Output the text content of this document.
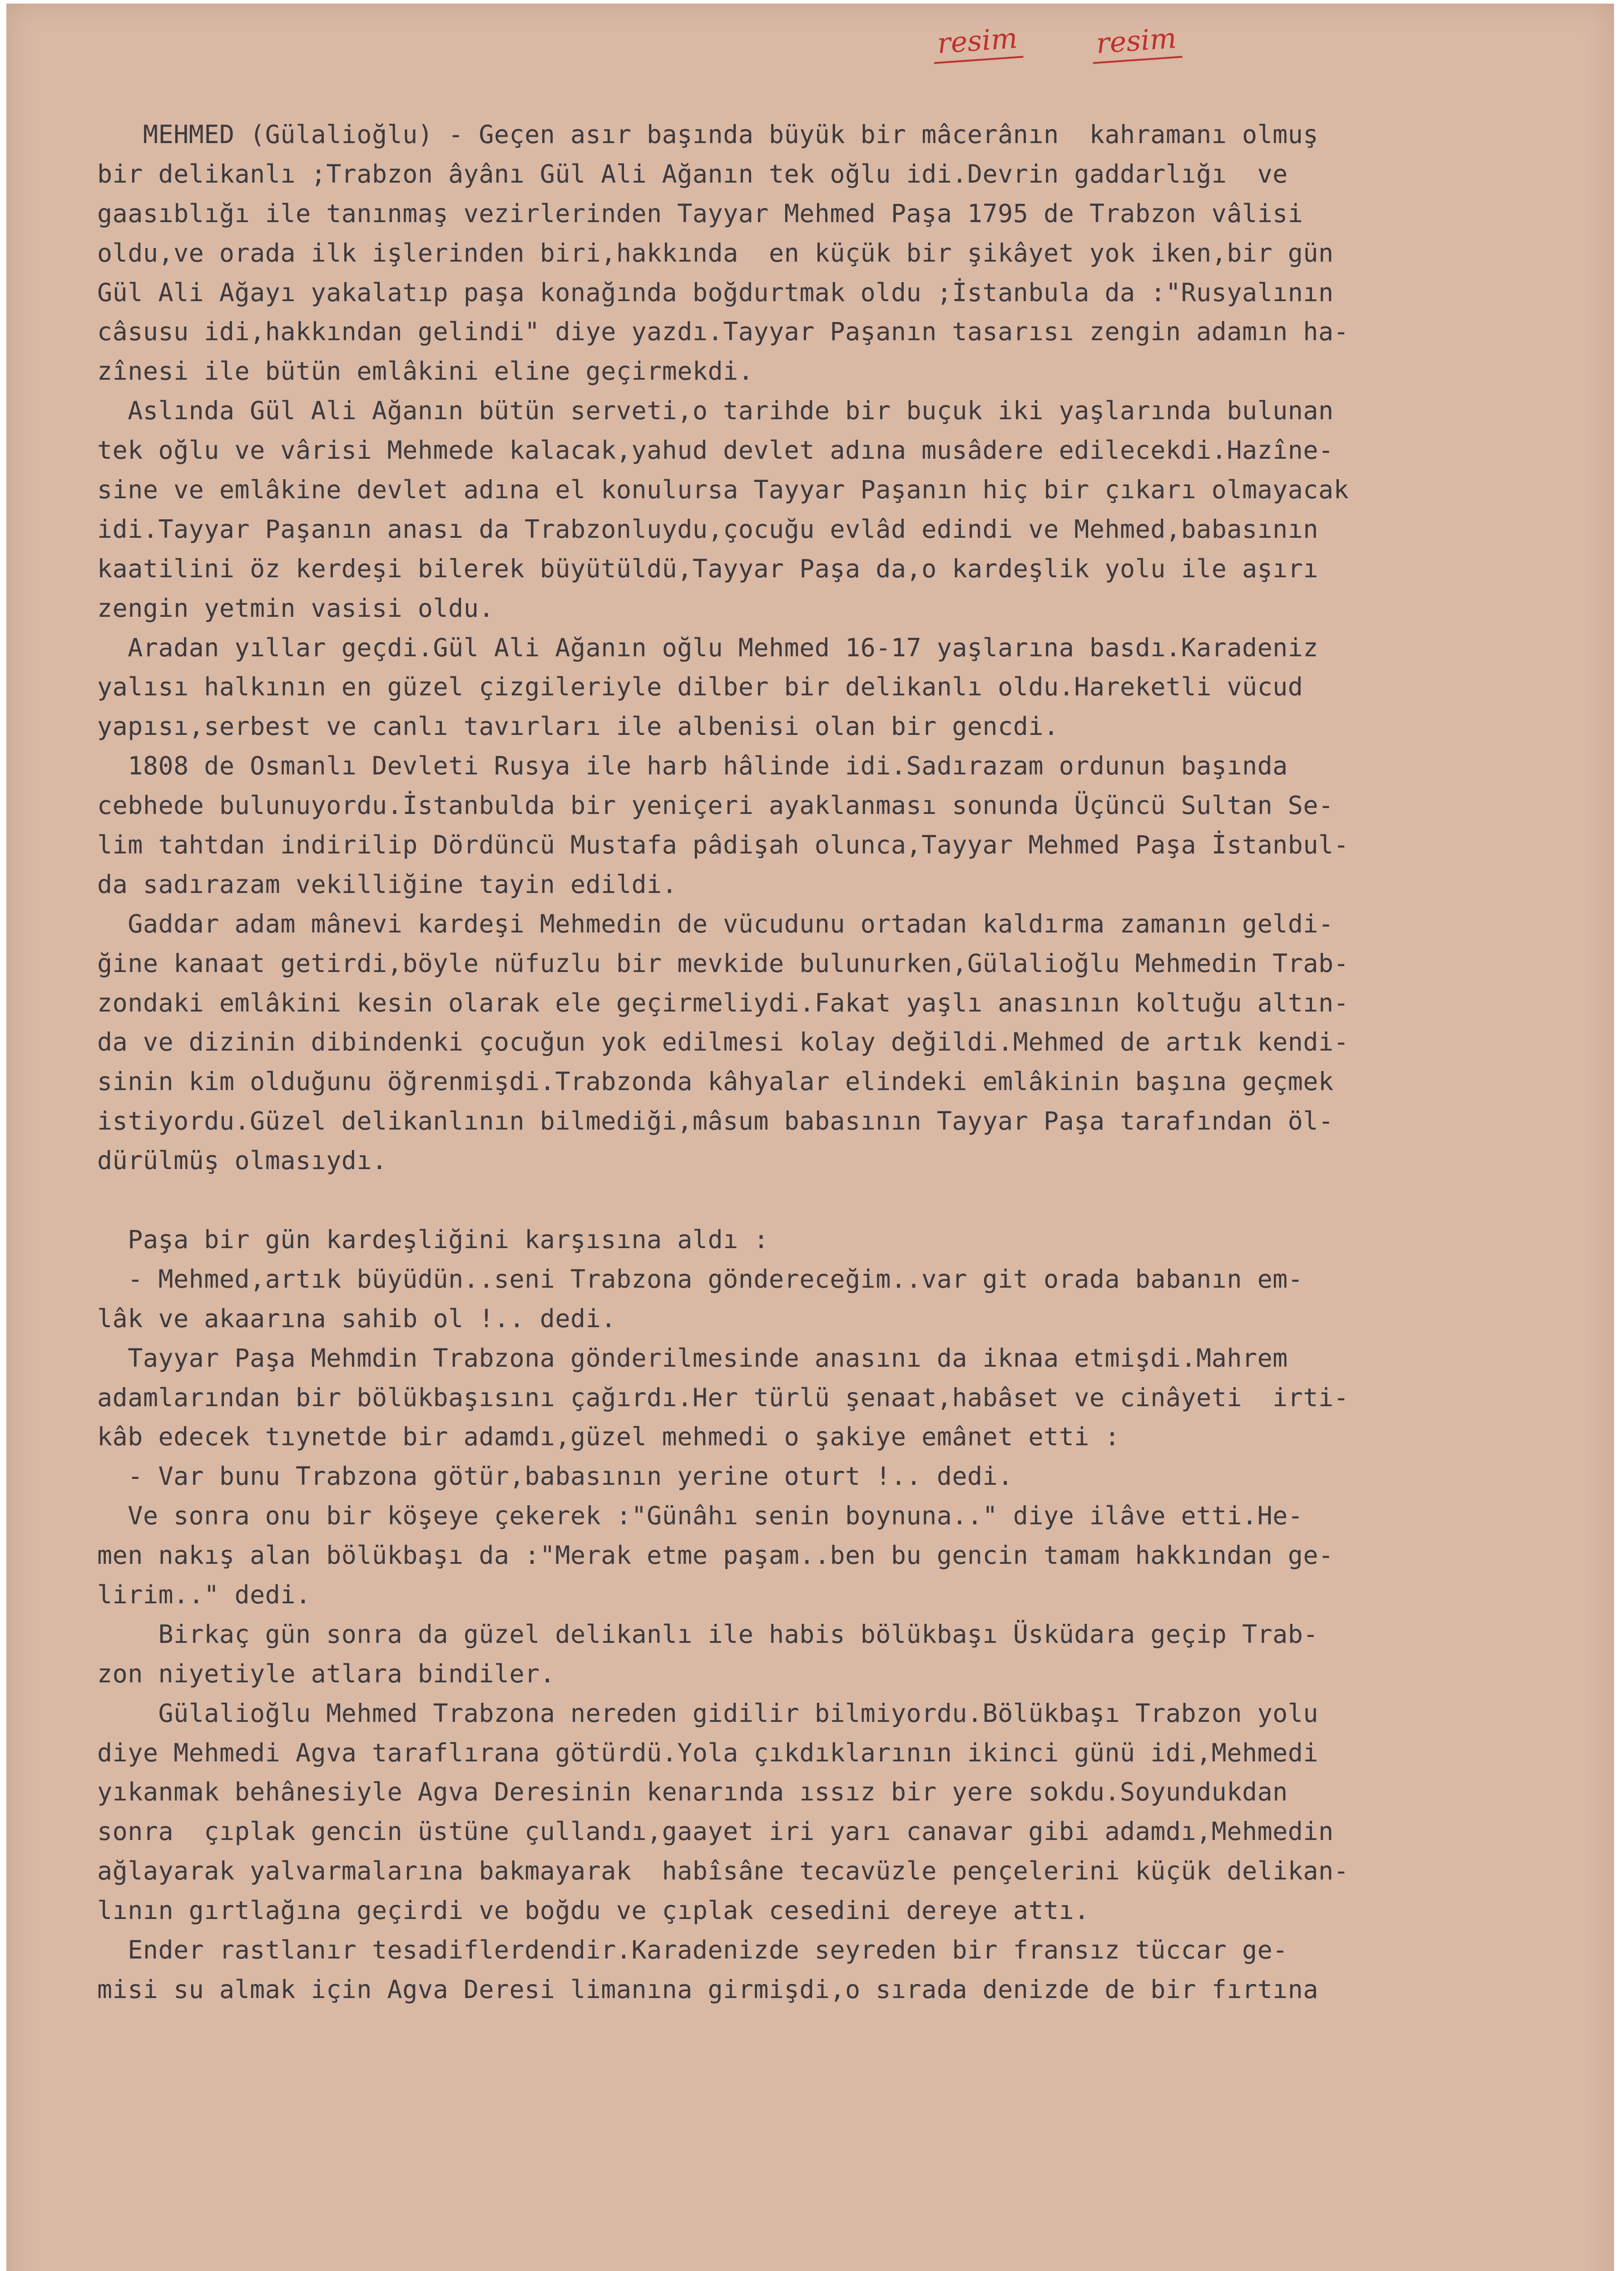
resim	resim
MEHMED (Gülalioğlu) - Geçen asır başında büyük bir mâcerânın  kahramanı olmuş
bir delikanlı ;Trabzon âyânı Gül Ali Ağanın tek oğlu idi.Devrin gaddarlığı  ve
gaasıblığı ile tanınmaş vezirlerinden Tayyar Mehmed Paşa 1795 de Trabzon vâlisi
oldu,ve orada ilk işlerinden biri,hakkında  en küçük bir şikâyet yok iken,bir gün
Gül Ali Ağayı yakalatıp paşa konağında boğdurtmak oldu ;İstanbula da :"Rusyalının
câsusu idi,hakkından gelindi" diye yazdı.Tayyar Paşanın tasarısı zengin adamın ha-
zînesi ile bütün emlâkini eline geçirmekdi.
Aslında Gül Ali Ağanın bütün serveti,o tarihde bir buçuk iki yaşlarında bulunan
tek oğlu ve vârisi Mehmede kalacak,yahud devlet adına musâdere edilecekdi.Hazîne-
sine ve emlâkine devlet adına el konulursa Tayyar Paşanın hiç bir çıkarı olmayacak
idi.Tayyar Paşanın anası da Trabzonluydu,çocuğu evlâd edindi ve Mehmed,babasının
kaatilini öz kerdeşi bilerek büyütüldü,Tayyar Paşa da,o kardeşlik yolu ile aşırı
zengin yetmin vasisi oldu.
Aradan yıllar geçdi.Gül Ali Ağanın oğlu Mehmed 16-17 yaşlarına basdı.Karadeniz
yalısı halkının en güzel çizgileriyle dilber bir delikanlı oldu.Hareketli vücud
yapısı,serbest ve canlı tavırları ile albenisi olan bir gencdi.
1808 de Osmanlı Devleti Rusya ile harb hâlinde idi.Sadırazam ordunun başında
cebhede bulunuyordu.İstanbulda bir yeniçeri ayaklanması sonunda Üçüncü Sultan Se-
lim tahtdan indirilip Dördüncü Mustafa pâdişah olunca,Tayyar Mehmed Paşa İstanbul-
da sadırazam vekilliğine tayin edildi.
Gaddar adam mânevi kardeşi Mehmedin de vücudunu ortadan kaldırma zamanın geldi-
ğine kanaat getirdi,böyle nüfuzlu bir mevkide bulunurken,Gülalioğlu Mehmedin Trab-
zondaki emlâkini kesin olarak ele geçirmeliydi.Fakat yaşlı anasının koltuğu altın-
da ve dizinin dibindenki çocuğun yok edilmesi kolay değildi.Mehmed de artık kendi-
sinin kim olduğunu öğrenmişdi.Trabzonda kâhyalar elindeki emlâkinin başına geçmek
istiyordu.Güzel delikanlının bilmediği,mâsum babasının Tayyar Paşa tarafından öl-
dürülmüş olmasıydı.
Paşa bir gün kardeşliğini karşısına aldı :
- Mehmed,artık büyüdün..seni Trabzona göndereceğim..var git orada babanın em-
lâk ve akaarına sahib ol !.. dedi.
Tayyar Paşa Mehmdin Trabzona gönderilmesinde anasını da iknaa etmişdi.Mahrem
adamlarından bir bölükbaşısını çağırdı.Her türlü şenaat,habâset ve cinâyeti  irti-
kâb edecek tıynetde bir adamdı,güzel mehmedi o şakiye emânet etti :
- Var bunu Trabzona götür,babasının yerine oturt !.. dedi.
Ve sonra onu bir köşeye çekerek :"Günâhı senin boynuna.." diye ilâve etti.He-
men nakış alan bölükbaşı da :"Merak etme paşam..ben bu gencin tamam hakkından ge-
lirim.." dedi.
Birkaç gün sonra da güzel delikanlı ile habis bölükbaşı Üsküdara geçip Trab-
zon niyetiyle atlara bindiler.
Gülalioğlu Mehmed Trabzona nereden gidilir bilmiyordu.Bölükbaşı Trabzon yolu
diye Mehmedi Agva taraflırana götürdü.Yola çıkdıklarının ikinci günü idi,Mehmedi
yıkanmak behânesiyle Agva Deresinin kenarında ıssız bir yere sokdu.Soyundukdan
sonra  çıplak gencin üstüne çullandı,gaayet iri yarı canavar gibi adamdı,Mehmedin
ağlayarak yalvarmalarına bakmayarak  habîsâne tecavüzle pençelerini küçük delikan-
lının gırtlağına geçirdi ve boğdu ve çıplak cesedini dereye attı.
Ender rastlanır tesadiflerdendir.Karadenizde seyreden bir fransız tüccar ge-
misi su almak için Agva Deresi limanına girmişdi,o sırada denizde de bir fırtına
